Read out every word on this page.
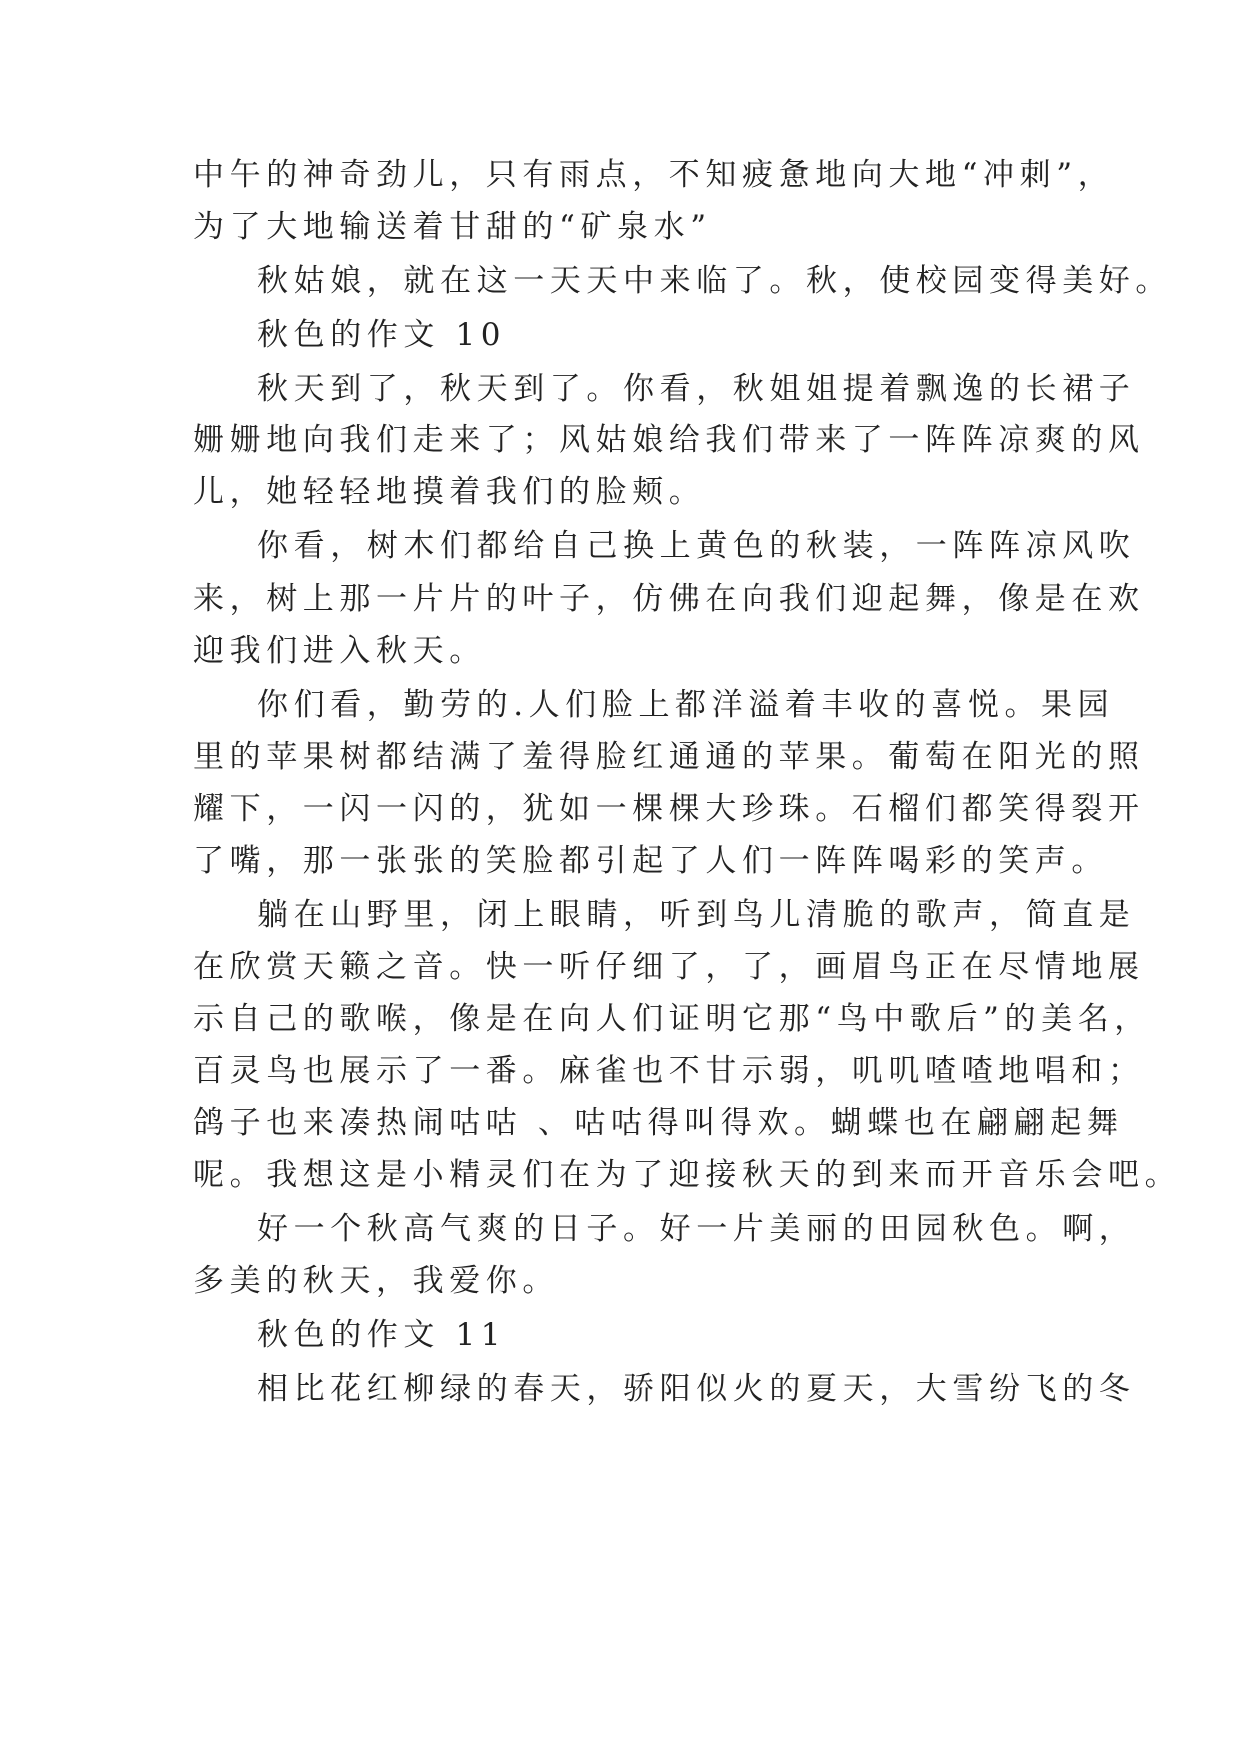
中午的神奇劲儿，只有雨点，不知疲惫地向大地“冲刺”，
为了大地输送着甘甜的“矿泉水”
秋姑娘，就在这一天天中来临了。秋，使校园变得美好。
秋色的作文 10
秋天到了，秋天到了。你看，秋姐姐提着飘逸的长裙子
姗姗地向我们走来了；风姑娘给我们带来了一阵阵凉爽的风
儿，她轻轻地摸着我们的脸颊。
你看，树木们都给自己换上黄色的秋装，一阵阵凉风吹
来，树上那一片片的叶子，仿佛在向我们迎起舞，像是在欢
迎我们进入秋天。
你们看，勤劳的.人们脸上都洋溢着丰收的喜悦。果园
里的苹果树都结满了羞得脸红通通的苹果。葡萄在阳光的照
耀下，一闪一闪的，犹如一棵棵大珍珠。石榴们都笑得裂开
了嘴，那一张张的笑脸都引起了人们一阵阵喝彩的笑声。
躺在山野里，闭上眼睛，听到鸟儿清脆的歌声，简直是
在欣赏天籁之音。快一听仔细了，了，画眉鸟正在尽情地展
示自己的歌喉，像是在向人们证明它那“鸟中歌后”的美名，
百灵鸟也展示了一番。麻雀也不甘示弱，叽叽喳喳地唱和；
鸽子也来凑热闹咕咕 、咕咕得叫得欢。蝴蝶也在翩翩起舞
呢。我想这是小精灵们在为了迎接秋天的到来而开音乐会吧。
好一个秋高气爽的日子。好一片美丽的田园秋色。啊，
多美的秋天，我爱你。
秋色的作文 11
相比花红柳绿的春天，骄阳似火的夏天，大雪纷飞的冬
